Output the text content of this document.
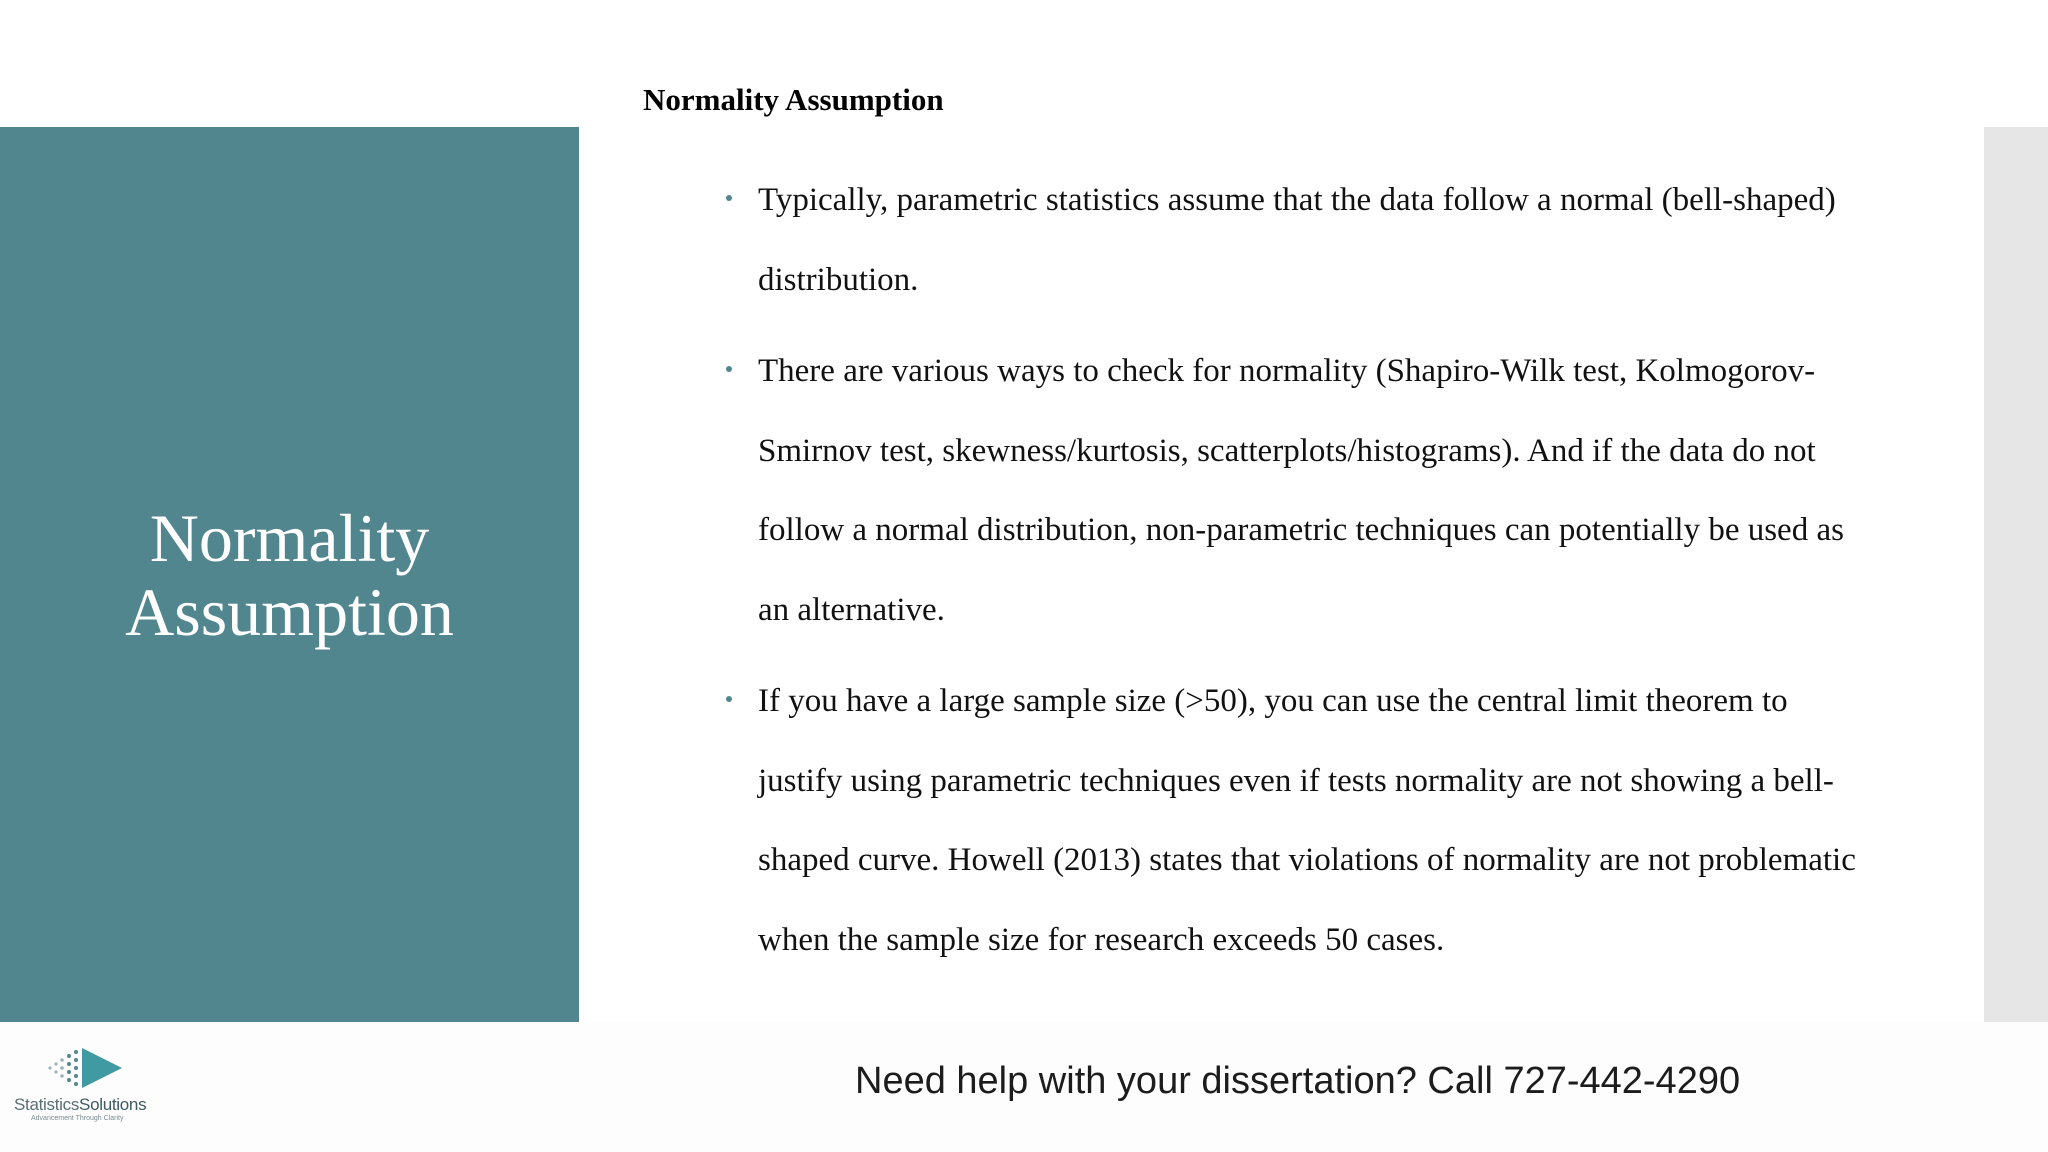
Normality
Assumption
Normality Assumption
Typically, parametric statistics assume that the data follow a normal (bell-shaped)
distribution.
There are various ways to check for normality (Shapiro-Wilk test, Kolmogorov-
Smirnov test, skewness/kurtosis, scatterplots/histograms). And if the data do not
follow a normal distribution, non-parametric techniques can potentially be used as
an alternative.
If you have a large sample size (>50), you can use the central limit theorem to
justify using parametric techniques even if tests normality are not showing a bell-
shaped curve. Howell (2013) states that violations of normality are not problematic
when the sample size for research exceeds 50 cases.
StatisticsSolutions
Advancement Through Clarity
Need help with your dissertation? Call 727-442-4290
